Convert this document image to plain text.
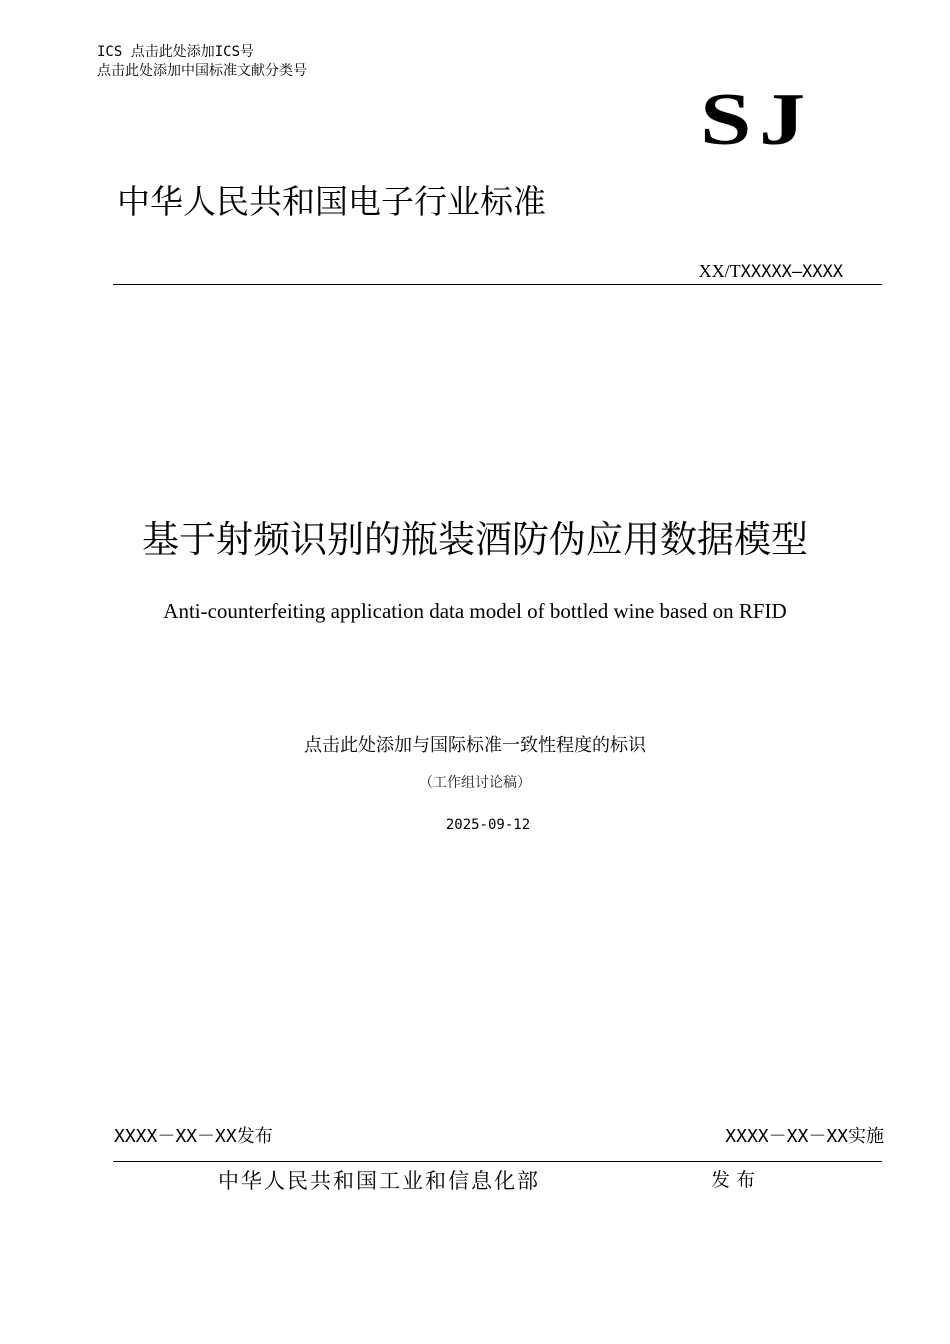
ICS 点击此处添加ICS号
点击此处添加中国标准文献分类号
SJ
中华人民共和国电子行业标准
XX/TXXXXX—XXXX
基于射频识别的瓶装酒防伪应用数据模型
Anti-counterfeiting application data model of bottled wine based on RFID
点击此处添加与国际标准一致性程度的标识
（工作组讨论稿）
2025-09-12
XXXX－XX－XX发布	XXXX－XX－XX实施
中华人民共和国工业和信息化部	发布
